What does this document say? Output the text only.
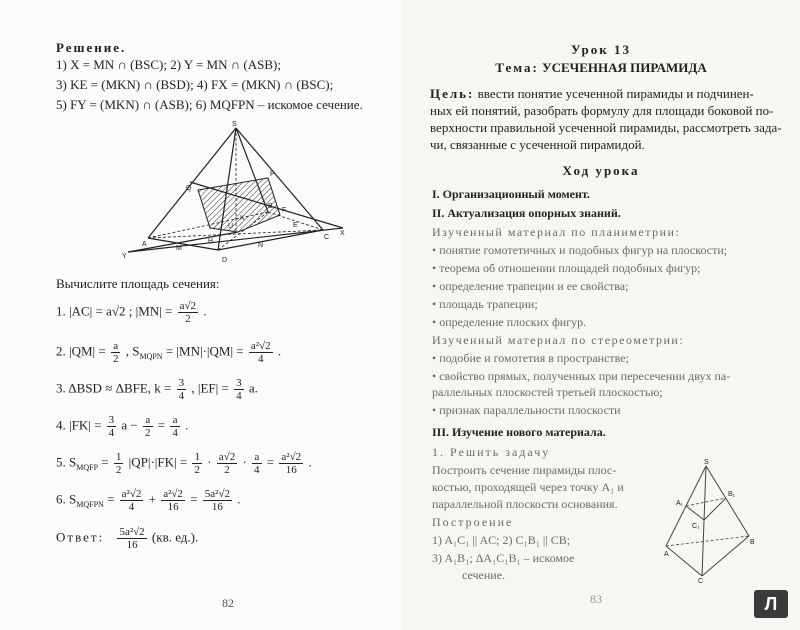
Решение.
1) X = MN ∩ (BSC); 2) Y = MN ∩ (ASB);
3) KE = (MKN) ∩ (BSD); 4) FX = (MKN) ∩ (BSC);
5) FY = (MKN) ∩ (ASB); 6) MQFPN – искомое сечение.
S
Q
P
K
F
Y
A
M
H
D
N
E
C
X
B
U
Вычислите площадь сечения:
1. |AC| = a√2 ; $|MN| = \frac{a√2}{2}$ .
2. $|QM| = \frac{a}{2}$ , $S_{MQPN} = |MN|\cdot|QM| = \frac{\text{a²√2}}{4}$ .
3. ΔBSD ≈ ΔBFE, $k = \frac{3}{4}$ , $|EF| = \frac{3}{4} a$.
4. $|FK| = \frac{3}{4}$ $a - \frac{a}{2} = \frac{a}{4}$ .
5. $S_{MQFP} = \frac{1}{2} |QP|\cdot|FK| = \frac{1}{2} \cdot \frac{a√2}{2} \cdot \frac{a}{4} = \frac{\text{a²√2}}{16}$ .
6. $S_{MQFPN} = \frac{\text{a²√2}}{4} + \frac{\text{a²√2}}{16} = \frac{\text{5a²√2}}{16}$ .
Ответ: $\frac{\text{5a²√2}}{16} (кв$. ед.).
82
Урок 13
Тема: УСЕЧЕННАЯ ПИРАМИДА
Цель: ввести понятие усеченной пирамиды и подчинен-
ных ей понятий, разобрать формулу для площади боковой по-
верхности правильной усеченной пирамиды, рассмотреть зада-
чи, связанные с усеченной пирамидой.
Ход урока
I. Организационный момент.
II. Актуализация опорных знаний.
Изученный материал по планиметрии:
• понятие гомотетичных и подобных фигур на плоскости;
• теорема об отношении площадей подобных фигур;
• определение трапеции и ее свойства;
• площадь трапеции;
• определение плоских фигур.
Изученный материал по стереометрии:
• подобие и гомотетия в пространстве;
• свойство прямых, полученных при пересечении двух па-
раллельных плоскостей третьей плоскостью;
• признак параллельности плоскости
III. Изучение нового материала.
1. Решить задачу
Построить сечение пирамиды плос-
костью, проходящей через точку A₁ и
параллельной плоскости основания.
Построение
1) A₁C₁ || AC; 2) C₁B₁ || CB;
3) A₁B₁; ΔA₁C₁B₁ – искомое
сечение.
S
A₁
C₁
B₁
A
C
B
83	Л
